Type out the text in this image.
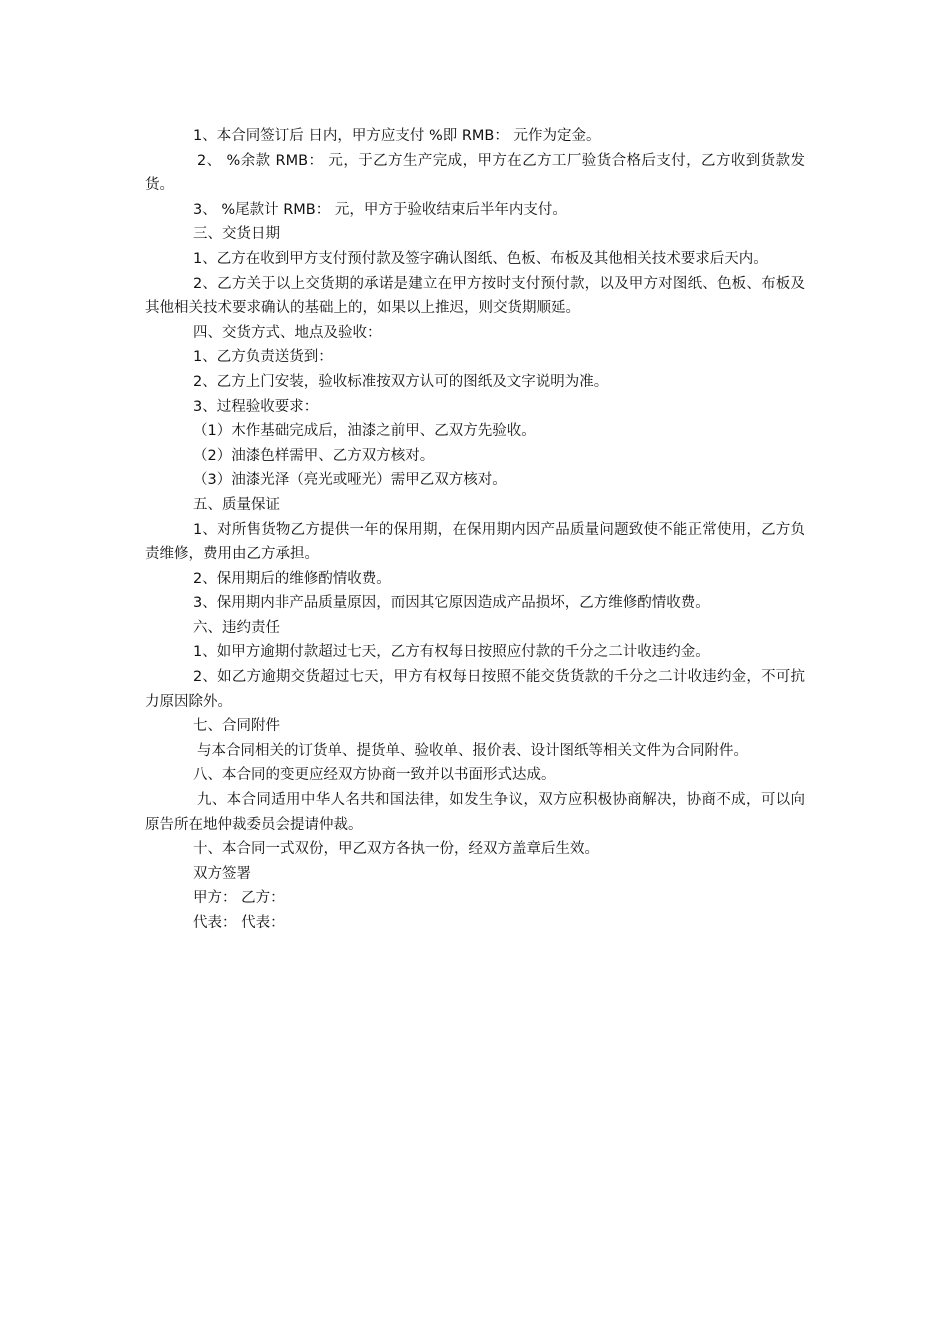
1、本合同签订后 日内，甲方应支付 %即 RMB： 元作为定金。

2、 %余款 RMB： 元，于乙方生产完成，甲方在乙方工厂验货合格后支付，乙方收到货款发货。

3、 %尾款计 RMB： 元，甲方于验收结束后半年内支付。

三、交货日期

1、乙方在收到甲方支付预付款及签字确认图纸、色板、布板及其他相关技术要求后天内。

2、乙方关于以上交货期的承诺是建立在甲方按时支付预付款，以及甲方对图纸、色板、布板及其他相关技术要求确认的基础上的，如果以上推迟，则交货期顺延。

四、交货方式、地点及验收：

1、乙方负责送货到：

2、乙方上门安装，验收标准按双方认可的图纸及文字说明为准。

3、过程验收要求：

（1）木作基础完成后，油漆之前甲、乙双方先验收。

（2）油漆色样需甲、乙方双方核对。

（3）油漆光泽（亮光或哑光）需甲乙双方核对。

五、质量保证

1、对所售货物乙方提供一年的保用期，在保用期内因产品质量问题致使不能正常使用，乙方负责维修，费用由乙方承担。

2、保用期后的维修酌情收费。

3、保用期内非产品质量原因，而因其它原因造成产品损坏，乙方维修酌情收费。

六、违约责任

1、如甲方逾期付款超过七天，乙方有权每日按照应付款的千分之二计收违约金。

2、如乙方逾期交货超过七天，甲方有权每日按照不能交货货款的千分之二计收违约金，不可抗力原因除外。

七、合同附件

与本合同相关的订货单、提货单、验收单、报价表、设计图纸等相关文件为合同附件。

八、本合同的变更应经双方协商一致并以书面形式达成。

九、本合同适用中华人名共和国法律，如发生争议，双方应积极协商解决，协商不成，可以向原告所在地仲裁委员会提请仲裁。

十、本合同一式双份，甲乙双方各执一份，经双方盖章后生效。

双方签署

甲方： 乙方：

代表： 代表：
